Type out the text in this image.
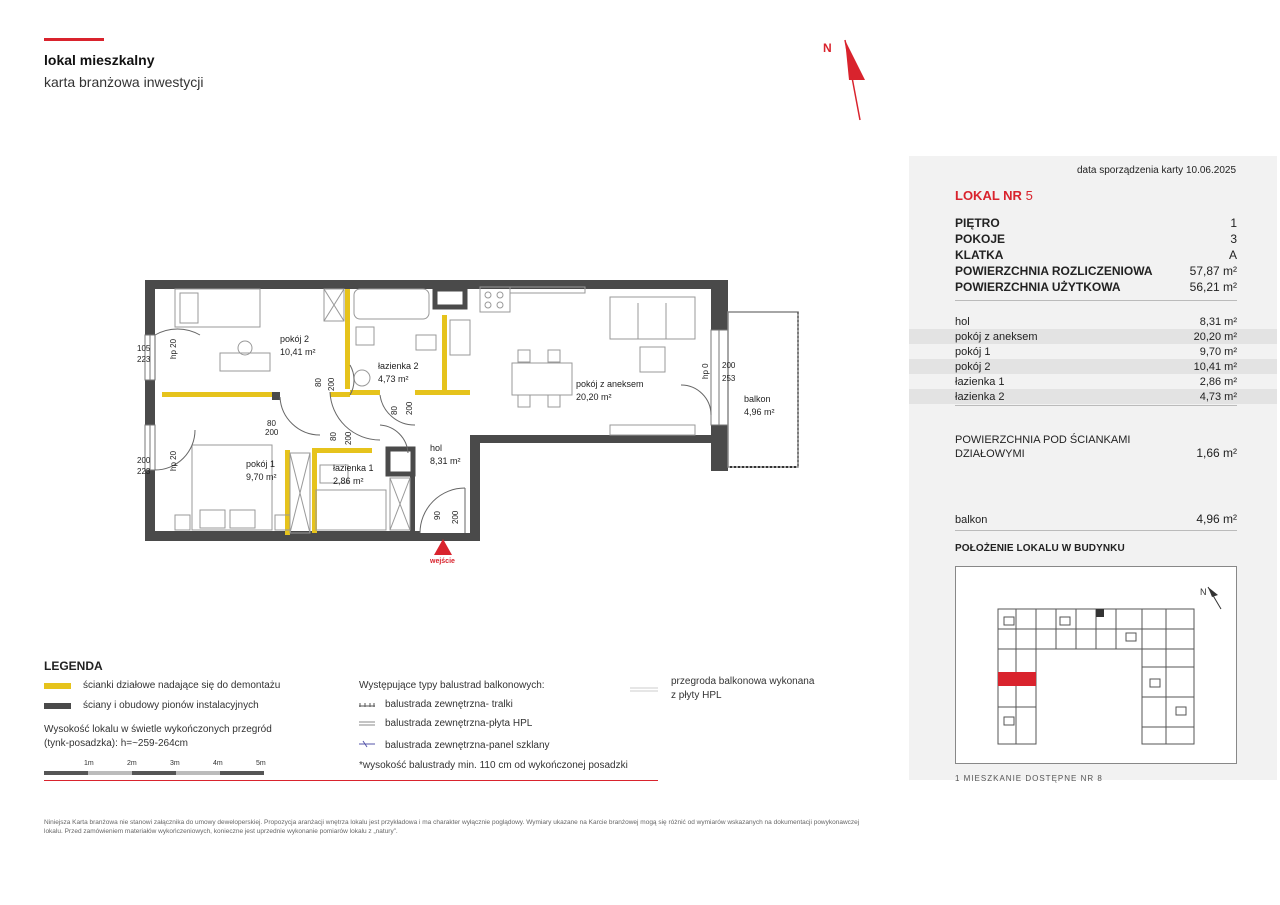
lokal mieszkalny
karta branżowa inwestycji
N
wejście
pokój 2
10,41 m²
łazienka 2
4,73 m²	pokój z aneksem
20,20 m²	balkon
4,96 m²
pokój 1
9,70 m²
łazienka 1
2,86 m²
hol
8,31 m²
105
223
200
223
200
253
80
200
hp 20
hp 20
hp 0
80 200
80 200
80 200
90 200
data sporządzenia karty 10.06.2025
LOKAL NR 5
PIĘTRO	1
POKOJE	3
KLATKA	A
POWIERZCHNIA ROZLICZENIOWA	57,87 m²
POWIERZCHNIA UŻYTKOWA	56,21 m²
hol	8,31 m²
pokój z aneksem	20,20 m²
pokój 1	9,70 m²
pokój 2	10,41 m²
łazienka 1	2,86 m²
łazienka 2	4,73 m²
POWIERZCHNIA POD ŚCIANKAMI
DZIAŁOWYMI	1,66 m²
balkon	4,96 m²
POŁOŻENIE LOKALU W BUDYNKU
N
1 MIESZKANIE DOSTĘPNE NR 8
LEGENDA
ścianki działowe nadające się do demontażu
ściany i obudowy pionów instalacyjnych
Wysokość lokalu w świetle wykończonych przegród
(tynk-posadzka): h=~259-264cm
1m	2m	3m	4m	5m
Występujące typy balustrad balkonowych:
balustrada zewnętrzna- tralki
balustrada zewnętrzna-płyta HPL
balustrada zewnętrzna-panel szklany
*wysokość balustrady min. 110 cm od wykończonej posadzki
przegroda balkonowa wykonana
z płyty HPL
Niniejsza Karta branżowa nie stanowi załącznika do umowy deweloperskiej. Propozycja aranżacji wnętrza lokalu jest przykładowa i ma charakter wyłącznie poglądowy. Wymiary ukazane na Karcie branżowej mogą się różnić od wymiarów wskazanych na dokumentacji powykonawczej lokalu. Przed zamówieniem materiałów wykończeniowych, konieczne jest uprzednie wykonanie pomiarów lokalu z „natury”.
